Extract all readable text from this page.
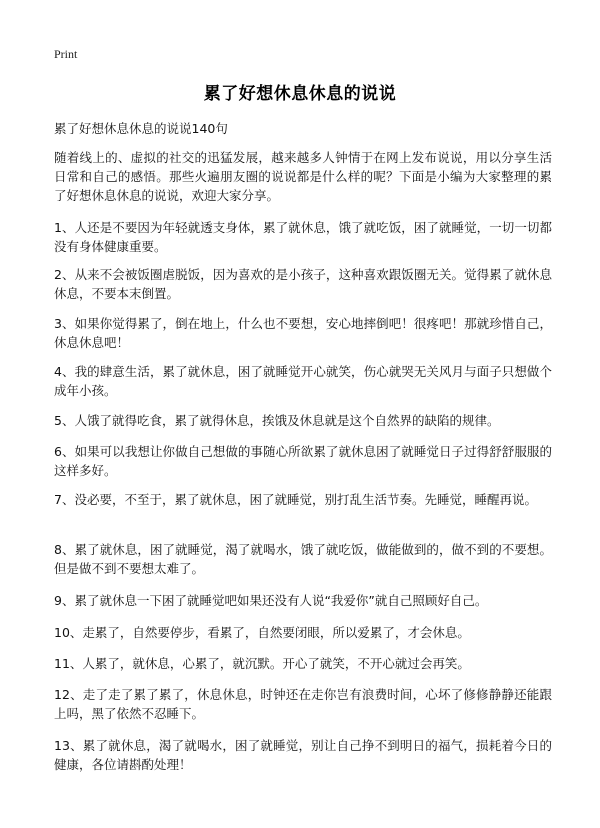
Print
累了好想休息休息的说说
累了好想休息休息的说说140句
随着线上的、虚拟的社交的迅猛发展，越来越多人钟情于在网上发布说说，用以分享生活日常和自己的感悟。那些火遍朋友圈的说说都是什么样的呢？下面是小编为大家整理的累了好想休息休息的说说，欢迎大家分享。
1、人还是不要因为年轻就透支身体，累了就休息，饿了就吃饭，困了就睡觉，一切一切都没有身体健康重要。
2、从来不会被饭圈虐脱饭，因为喜欢的是小孩子，这种喜欢跟饭圈无关。觉得累了就休息休息，不要本末倒置。
3、如果你觉得累了，倒在地上，什么也不要想，安心地摔倒吧！很疼吧！那就珍惜自己，休息休息吧！
4、我的肆意生活，累了就休息，困了就睡觉开心就笑，伤心就哭无关风月与面子只想做个成年小孩。
5、人饿了就得吃食，累了就得休息，挨饿及休息就是这个自然界的缺陷的规律。
6、如果可以我想让你做自己想做的事随心所欲累了就休息困了就睡觉日子过得舒舒服服的这样多好。
7、没必要，不至于，累了就休息，困了就睡觉，别打乱生活节奏。先睡觉，睡醒再说。
8、累了就休息，困了就睡觉，渴了就喝水，饿了就吃饭，做能做到的，做不到的不要想。但是做不到不要想太难了。
9、累了就休息一下困了就睡觉吧如果还没有人说“我爱你”就自己照顾好自己。
10、走累了，自然要停步，看累了，自然要闭眼，所以爱累了，才会休息。
11、人累了，就休息，心累了，就沉默。开心了就笑，不开心就过会再笑。
12、走了走了累了累了，休息休息，时钟还在走你岂有浪费时间，心坏了修修静静还能跟上吗，黑了依然不忍睡下。
13、累了就休息，渴了就喝水，困了就睡觉，别让自己挣不到明日的福气，损耗着今日的健康，各位请斟酌处理！
